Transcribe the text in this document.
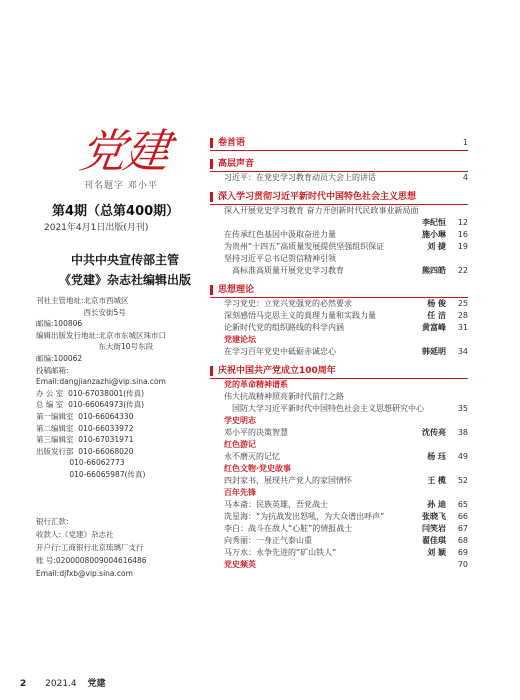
党建
刊名题字 邓小平
第4期（总第400期）
2021年4月1日出版(月刊)
中共中央宣传部主管
《党建》杂志社编辑出版
刊社主管地址: 北京市西城区
西长安街5号
邮编: 100806
编辑出版发行地址: 北京市东城区珠市口
东大街10号东段
邮编: 100062
投稿邮箱:
Email: dangjianzazhi@vip.sina.com
办 公 室 010-67038001(传真)
总 编 室 010-66064973(传真)
第一编辑室 010-66064330
第二编辑室 010-66033972
第三编辑室 010-67031971
出版发行部 010-66068020
010-66062773
010-66065987(传真)
银行汇款:
收款人:《党建》杂志社
开户行:工商银行北京琉璃厂支行
账 号:0200008009004616486
Email:djfxb@vip.sina.com
2 2021.4 党建
卷首语	1
高层声音
习近平：在党史学习教育动员大会上的讲话	4
深入学习贯彻习近平新时代中国特色社会主义思想
深入开展党史学习教育 奋力开创新时代民政事业新局面
李纪恒	12
在传承红色基因中汲取奋进力量	施小琳	16
为贵州“十四五”高质量发展提供坚强组织保证	刘 捷	19
坚持习近平总书记贺信精神引领
高标准高质量开展党史学习教育	熊四皓	22
思想理论
学习党史：立党兴党强党的必然要求	杨 俊	25
深刻感悟马克思主义的真理力量和实践力量	任 洁	28
论新时代党的组织路线的科学内涵	黄富峰	31
党建论坛
在学习百年党史中砥砺赤诚忠心	韩延明	34
庆祝中国共产党成立100周年
党的革命精神谱系
伟大抗战精神照亮新时代前行之路
国防大学习近平新时代中国特色社会主义思想研究中心	35
学史明志
邓小平的决策智慧	沈传亮	38
红色游记
永不磨灭的记忆	杨 珏	49
红色文物·党史故事
四封家书，展现共产党人的家国情怀	王 榄	52
百年先锋
马本斋：民族英雄，吾党战士	孙 迪	65
冼星海：“为抗战发出怒吼，为大众谱出呼声”	张晓飞	66
李白：战斗在敌人“心脏”的情报战士	闫笑岩	67
向秀丽：一身正气泰山重	翟佳琪	68
马万水：永争先进的“矿山铁人”	刘 颖	69
党史频英	70
